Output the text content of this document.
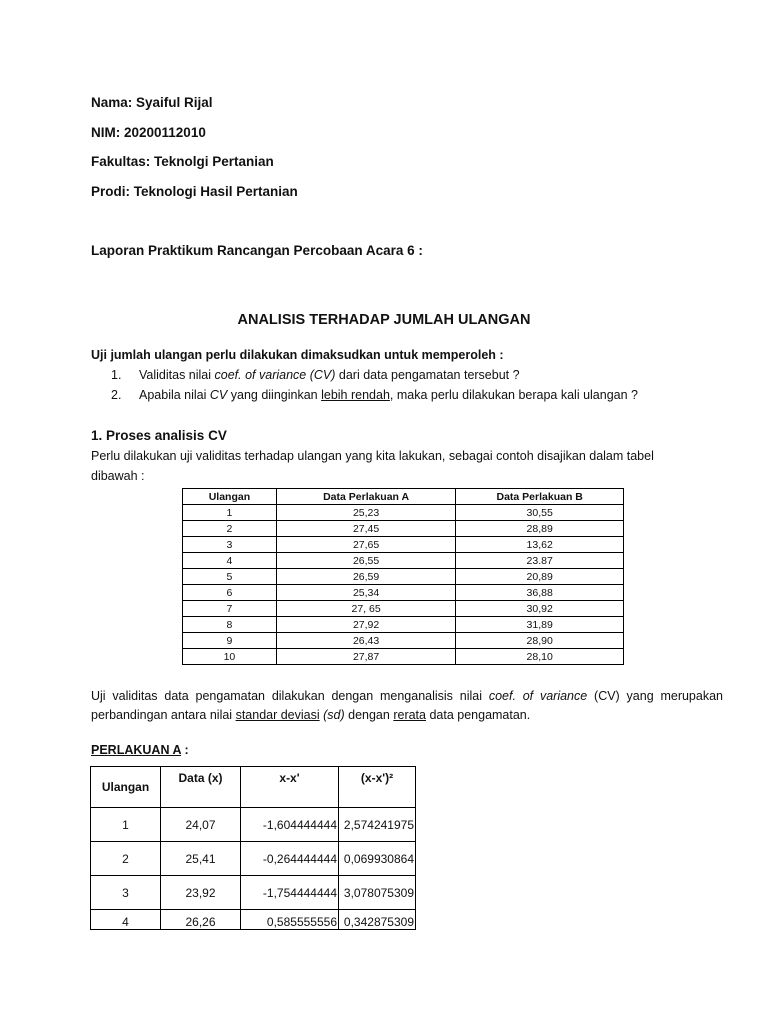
Nama: Syaiful Rijal
NIM: 20200112010
Fakultas: Teknolgi Pertanian
Prodi: Teknologi Hasil Pertanian
Laporan Praktikum Rancangan Percobaan Acara 6 :
ANALISIS TERHADAP JUMLAH ULANGAN
Uji jumlah ulangan perlu dilakukan dimaksudkan untuk memperoleh :
1. Validitas nilai coef. of variance (CV) dari data pengamatan tersebut ?
2. Apabila nilai CV yang diinginkan lebih rendah, maka perlu dilakukan berapa kali ulangan ?
1. Proses analisis CV
Perlu dilakukan uji validitas terhadap ulangan yang kita lakukan, sebagai contoh disajikan dalam tabel
dibawah :
Ulangan	Data Perlakuan A	Data Perlakuan B
1	25,23	30,55
2	27,45	28,89
3	27,65	13,62
4	26,55	23.87
5	26,59	20,89
6	25,34	36,88
7	27, 65	30,92
8	27,92	31,89
9	26,43	28,90
10	27,87	28,10
Uji validitas data pengamatan dilakukan dengan menganalisis nilai coef. of variance (CV) yang merupakan
perbandingan antara nilai standar deviasi (sd) dengan rerata data pengamatan.
PERLAKUAN A :
Ulangan	Data (x)	x-x'	(x-x')²
1	24,07	-1,604444444	2,574241975
2	25,41	-0,264444444	0,069930864
3	23,92	-1,754444444	3,078075309
4	26,26	0,585555556	0,342875309
